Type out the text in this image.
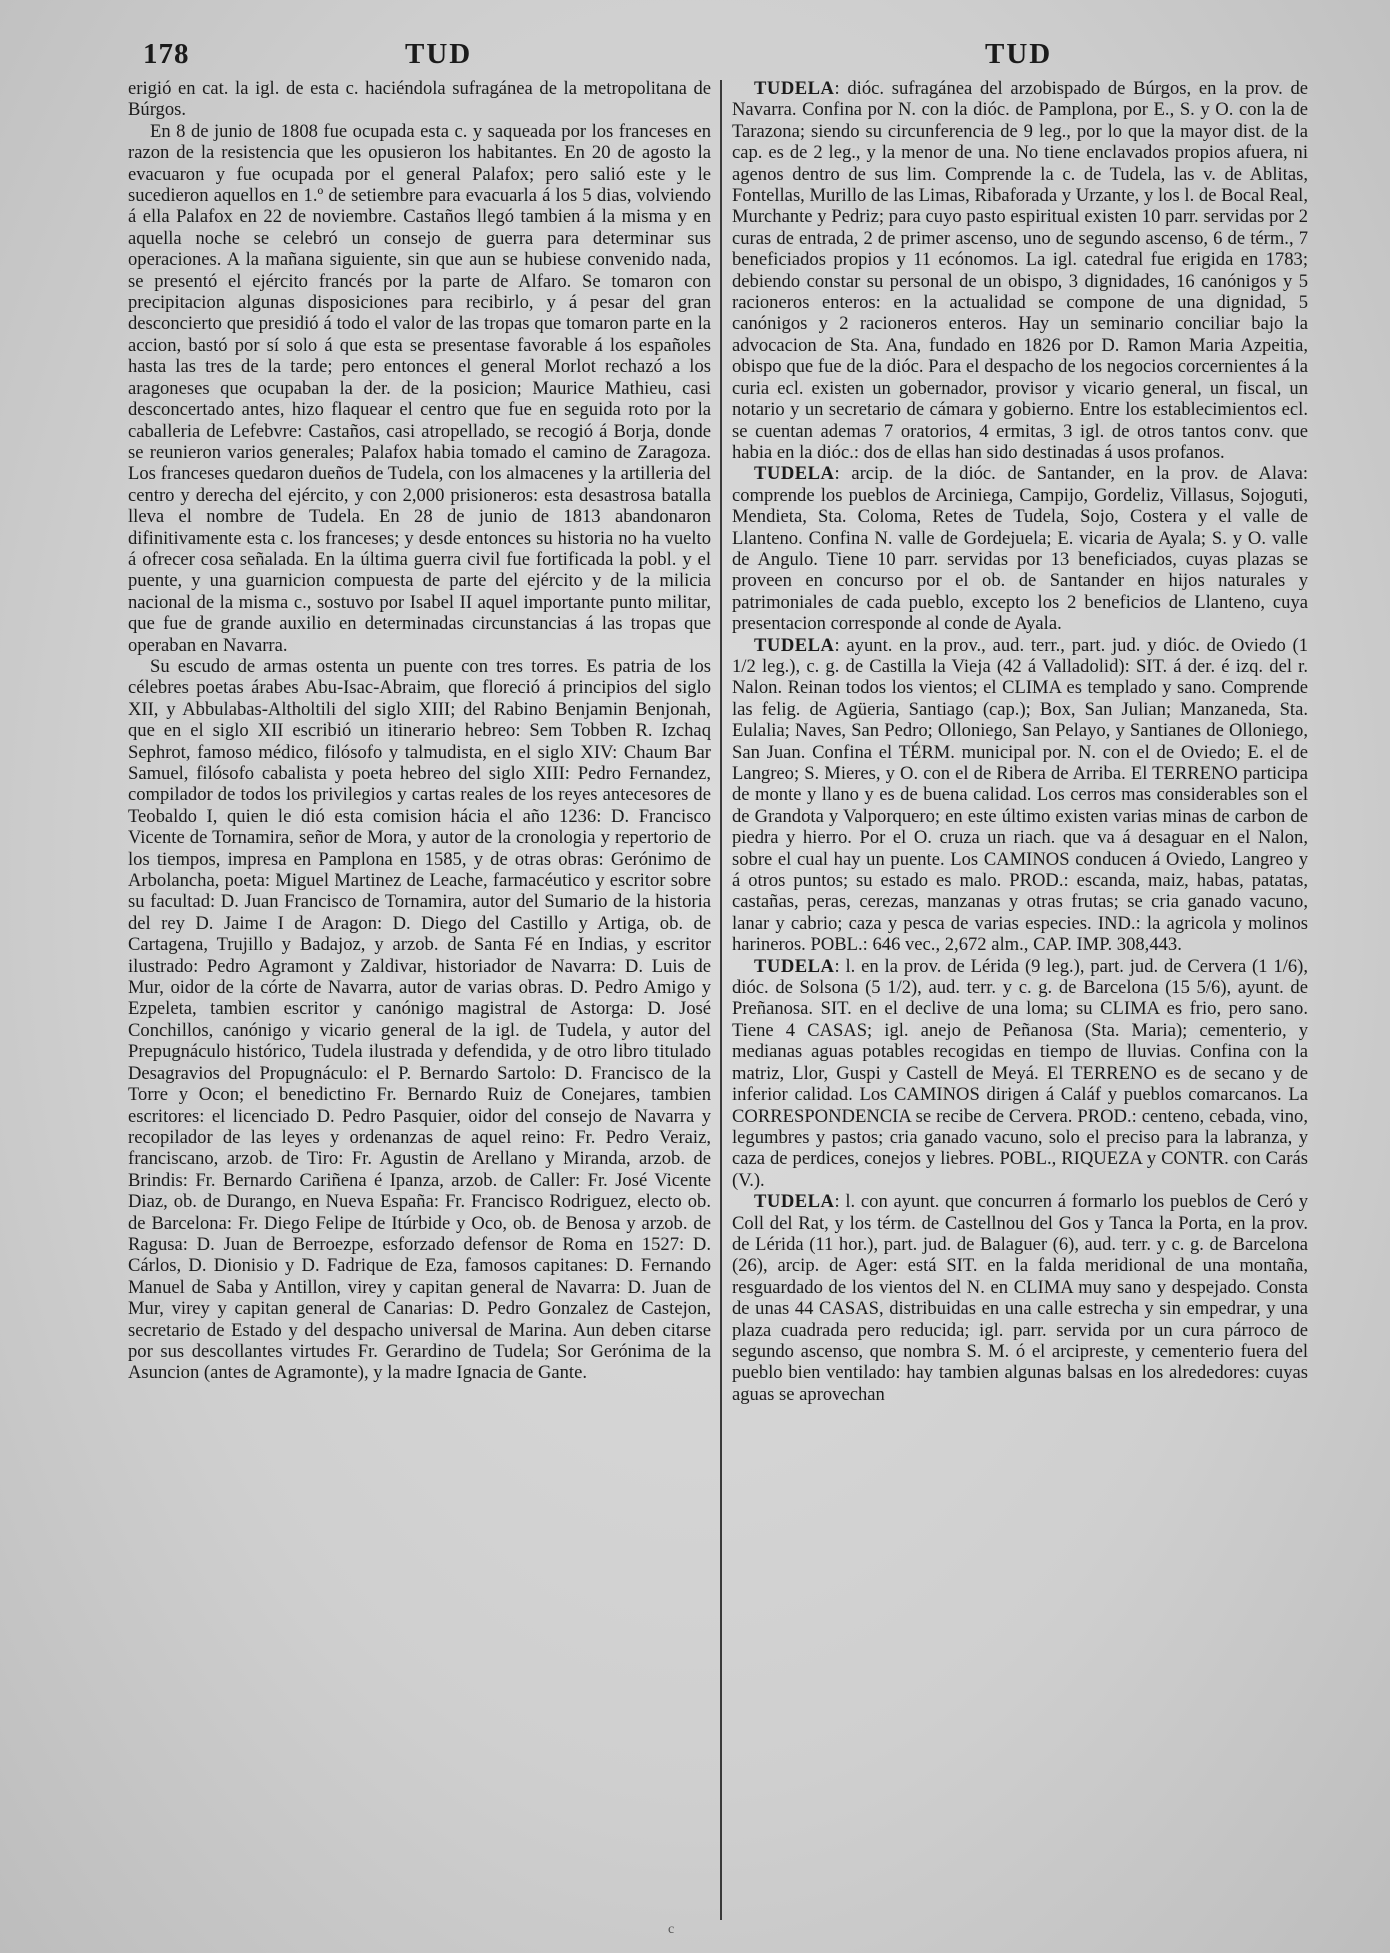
178	TUD	TUD

erigió en cat. la igl. de esta c. haciéndola sufragánea de la metropolitana de Búrgos.

En 8 de junio de 1808 fue ocupada esta c. y saqueada por los franceses en razon de la resistencia que les opusieron los habitantes. En 20 de agosto la evacuaron y fue ocupada por el general Palafox; pero salió este y le sucedieron aquellos en 1.º de setiembre para evacuarla á los 5 dias, volviendo á ella Palafox en 22 de noviembre. Castaños llegó tambien á la misma y en aquella noche se celebró un consejo de guerra para determinar sus operaciones. A la mañana siguiente, sin que aun se hubiese convenido nada, se presentó el ejército francés por la parte de Alfaro. Se tomaron con precipitacion algunas disposiciones para recibirlo, y á pesar del gran desconcierto que presidió á todo el valor de las tropas que tomaron parte en la accion, bastó por sí solo á que esta se presentase favorable á los españoles hasta las tres de la tarde; pero entonces el general Morlot rechazó a los aragoneses que ocupaban la der. de la posicion; Maurice Mathieu, casi desconcertado antes, hizo flaquear el centro que fue en seguida roto por la caballeria de Lefebvre: Castaños, casi atropellado, se recogió á Borja, donde se reunieron varios generales; Palafox habia tomado el camino de Zaragoza. Los franceses quedaron dueños de Tudela, con los almacenes y la artilleria del centro y derecha del ejército, y con 2,000 prisioneros: esta desastrosa batalla lleva el nombre de Tudela. En 28 de junio de 1813 abandonaron difinitivamente esta c. los franceses; y desde entonces su historia no ha vuelto á ofrecer cosa señalada. En la última guerra civil fue fortificada la pobl. y el puente, y una guarnicion compuesta de parte del ejército y de la milicia nacional de la misma c., sostuvo por Isabel II aquel importante punto militar, que fue de grande auxilio en determinadas circunstancias á las tropas que operaban en Navarra.

Su escudo de armas ostenta un puente con tres torres. Es patria de los célebres poetas árabes Abu-Isac-Abraim, que floreció á principios del siglo XII, y Abbulabas-Altholtili del siglo XIII; del Rabino Benjamin Benjonah, que en el siglo XII escribió un itinerario hebreo: Sem Tobben R. Izchaq Sephrot, famoso médico, filósofo y talmudista, en el siglo XIV: Chaum Bar Samuel, filósofo cabalista y poeta hebreo del siglo XIII: Pedro Fernandez, compilador de todos los privilegios y cartas reales de los reyes antecesores de Teobaldo I, quien le dió esta comision hácia el año 1236: D. Francisco Vicente de Tornamira, señor de Mora, y autor de la cronologia y repertorio de los tiempos, impresa en Pamplona en 1585, y de otras obras: Gerónimo de Arbolancha, poeta: Miguel Martinez de Leache, farmacéutico y escritor sobre su facultad: D. Juan Francisco de Tornamira, autor del Sumario de la historia del rey D. Jaime I de Aragon: D. Diego del Castillo y Artiga, ob. de Cartagena, Trujillo y Badajoz, y arzob. de Santa Fé en Indias, y escritor ilustrado: Pedro Agramont y Zaldivar, historiador de Navarra: D. Luis de Mur, oidor de la córte de Navarra, autor de varias obras. D. Pedro Amigo y Ezpeleta, tambien escritor y canónigo magistral de Astorga: D. José Conchillos, canónigo y vicario general de la igl. de Tudela, y autor del Prepugnáculo histórico, Tudela ilustrada y defendida, y de otro libro titulado Desagravios del Propugnáculo: el P. Bernardo Sartolo: D. Francisco de la Torre y Ocon; el benedictino Fr. Bernardo Ruiz de Conejares, tambien escritores: el licenciado D. Pedro Pasquier, oidor del consejo de Navarra y recopilador de las leyes y ordenanzas de aquel reino: Fr. Pedro Veraiz, franciscano, arzob. de Tiro: Fr. Agustin de Arellano y Miranda, arzob. de Brindis: Fr. Bernardo Cariñena é Ipanza, arzob. de Caller: Fr. José Vicente Diaz, ob. de Durango, en Nueva España: Fr. Francisco Rodriguez, electo ob. de Barcelona: Fr. Diego Felipe de Itúrbide y Oco, ob. de Benosa y arzob. de Ragusa: D. Juan de Berroezpe, esforzado defensor de Roma en 1527: D. Cárlos, D. Dionisio y D. Fadrique de Eza, famosos capitanes: D. Fernando Manuel de Saba y Antillon, virey y capitan general de Navarra: D. Juan de Mur, virey y capitan general de Canarias: D. Pedro Gonzalez de Castejon, secretario de Estado y del despacho universal de Marina. Aun deben citarse por sus descollantes virtudes Fr. Gerardino de Tudela; Sor Gerónima de la Asuncion (antes de Agramonte), y la madre Ignacia de Gante.

TUDELA: dióc. sufragánea del arzobispado de Búrgos, en la prov. de Navarra. Confina por N. con la dióc. de Pamplona, por E., S. y O. con la de Tarazona; siendo su circunferencia de 9 leg., por lo que la mayor dist. de la cap. es de 2 leg., y la menor de una. No tiene enclavados propios afuera, ni agenos dentro de sus lim. Comprende la c. de Tudela, las v. de Ablitas, Fontellas, Murillo de las Limas, Ribaforada y Urzante, y los l. de Bocal Real, Murchante y Pedriz; para cuyo pasto espiritual existen 10 parr. servidas por 2 curas de entrada, 2 de primer ascenso, uno de segundo ascenso, 6 de térm., 7 beneficiados propios y 11 ecónomos. La igl. catedral fue erigida en 1783; debiendo constar su personal de un obispo, 3 dignidades, 16 canónigos y 5 racioneros enteros: en la actualidad se compone de una dignidad, 5 canónigos y 2 racioneros enteros. Hay un seminario conciliar bajo la advocacion de Sta. Ana, fundado en 1826 por D. Ramon Maria Azpeitia, obispo que fue de la dióc. Para el despacho de los negocios corcernientes á la curia ecl. existen un gobernador, provisor y vicario general, un fiscal, un notario y un secretario de cámara y gobierno. Entre los establecimientos ecl. se cuentan ademas 7 oratorios, 4 ermitas, 3 igl. de otros tantos conv. que habia en la dióc.: dos de ellas han sido destinadas á usos profanos.

TUDELA: arcip. de la dióc. de Santander, en la prov. de Alava: comprende los pueblos de Arciniega, Campijo, Gordeliz, Villasus, Sojoguti, Mendieta, Sta. Coloma, Retes de Tudela, Sojo, Costera y el valle de Llanteno. Confina N. valle de Gordejuela; E. vicaria de Ayala; S. y O. valle de Angulo. Tiene 10 parr. servidas por 13 beneficiados, cuyas plazas se proveen en concurso por el ob. de Santander en hijos naturales y patrimoniales de cada pueblo, excepto los 2 beneficios de Llanteno, cuya presentacion corresponde al conde de Ayala.

TUDELA: ayunt. en la prov., aud. terr., part. jud. y dióc. de Oviedo (1 1/2 leg.), c. g. de Castilla la Vieja (42 á Valladolid): SIT. á der. é izq. del r. Nalon. Reinan todos los vientos; el CLIMA es templado y sano. Comprende las felig. de Agüeria, Santiago (cap.); Box, San Julian; Manzaneda, Sta. Eulalia; Naves, San Pedro; Olloniego, San Pelayo, y Santianes de Olloniego, San Juan. Confina el TÉRM. municipal por. N. con el de Oviedo; E. el de Langreo; S. Mieres, y O. con el de Ribera de Arriba. El TERRENO participa de monte y llano y es de buena calidad. Los cerros mas considerables son el de Grandota y Valporquero; en este último existen varias minas de carbon de piedra y hierro. Por el O. cruza un riach. que va á desaguar en el Nalon, sobre el cual hay un puente. Los CAMINOS conducen á Oviedo, Langreo y á otros puntos; su estado es malo. PROD.: escanda, maiz, habas, patatas, castañas, peras, cerezas, manzanas y otras frutas; se cria ganado vacuno, lanar y cabrio; caza y pesca de varias especies. IND.: la agricola y molinos harineros. POBL.: 646 vec., 2,672 alm., CAP. IMP. 308,443.

TUDELA: l. en la prov. de Lérida (9 leg.), part. jud. de Cervera (1 1/6), dióc. de Solsona (5 1/2), aud. terr. y c. g. de Barcelona (15 5/6), ayunt. de Preñanosa. SIT. en el declive de una loma; su CLIMA es frio, pero sano. Tiene 4 CASAS; igl. anejo de Peñanosa (Sta. Maria); cementerio, y medianas aguas potables recogidas en tiempo de lluvias. Confina con la matriz, Llor, Guspi y Castell de Meyá. El TERRENO es de secano y de inferior calidad. Los CAMINOS dirigen á Caláf y pueblos comarcanos. La CORRESPONDENCIA se recibe de Cervera. PROD.: centeno, cebada, vino, legumbres y pastos; cria ganado vacuno, solo el preciso para la labranza, y caza de perdices, conejos y liebres. POBL., RIQUEZA y CONTR. con Carás (V.).

TUDELA: l. con ayunt. que concurren á formarlo los pueblos de Ceró y Coll del Rat, y los térm. de Castellnou del Gos y Tanca la Porta, en la prov. de Lérida (11 hor.), part. jud. de Balaguer (6), aud. terr. y c. g. de Barcelona (26), arcip. de Ager: está SIT. en la falda meridional de una montaña, resguardado de los vientos del N. en CLIMA muy sano y despejado. Consta de unas 44 CASAS, distribuidas en una calle estrecha y sin empedrar, y una plaza cuadrada pero reducida; igl. parr. servida por un cura párroco de segundo ascenso, que nombra S. M. ó el arcipreste, y cementerio fuera del pueblo bien ventilado: hay tambien algunas balsas en los alrededores: cuyas aguas se aprovechan

c
